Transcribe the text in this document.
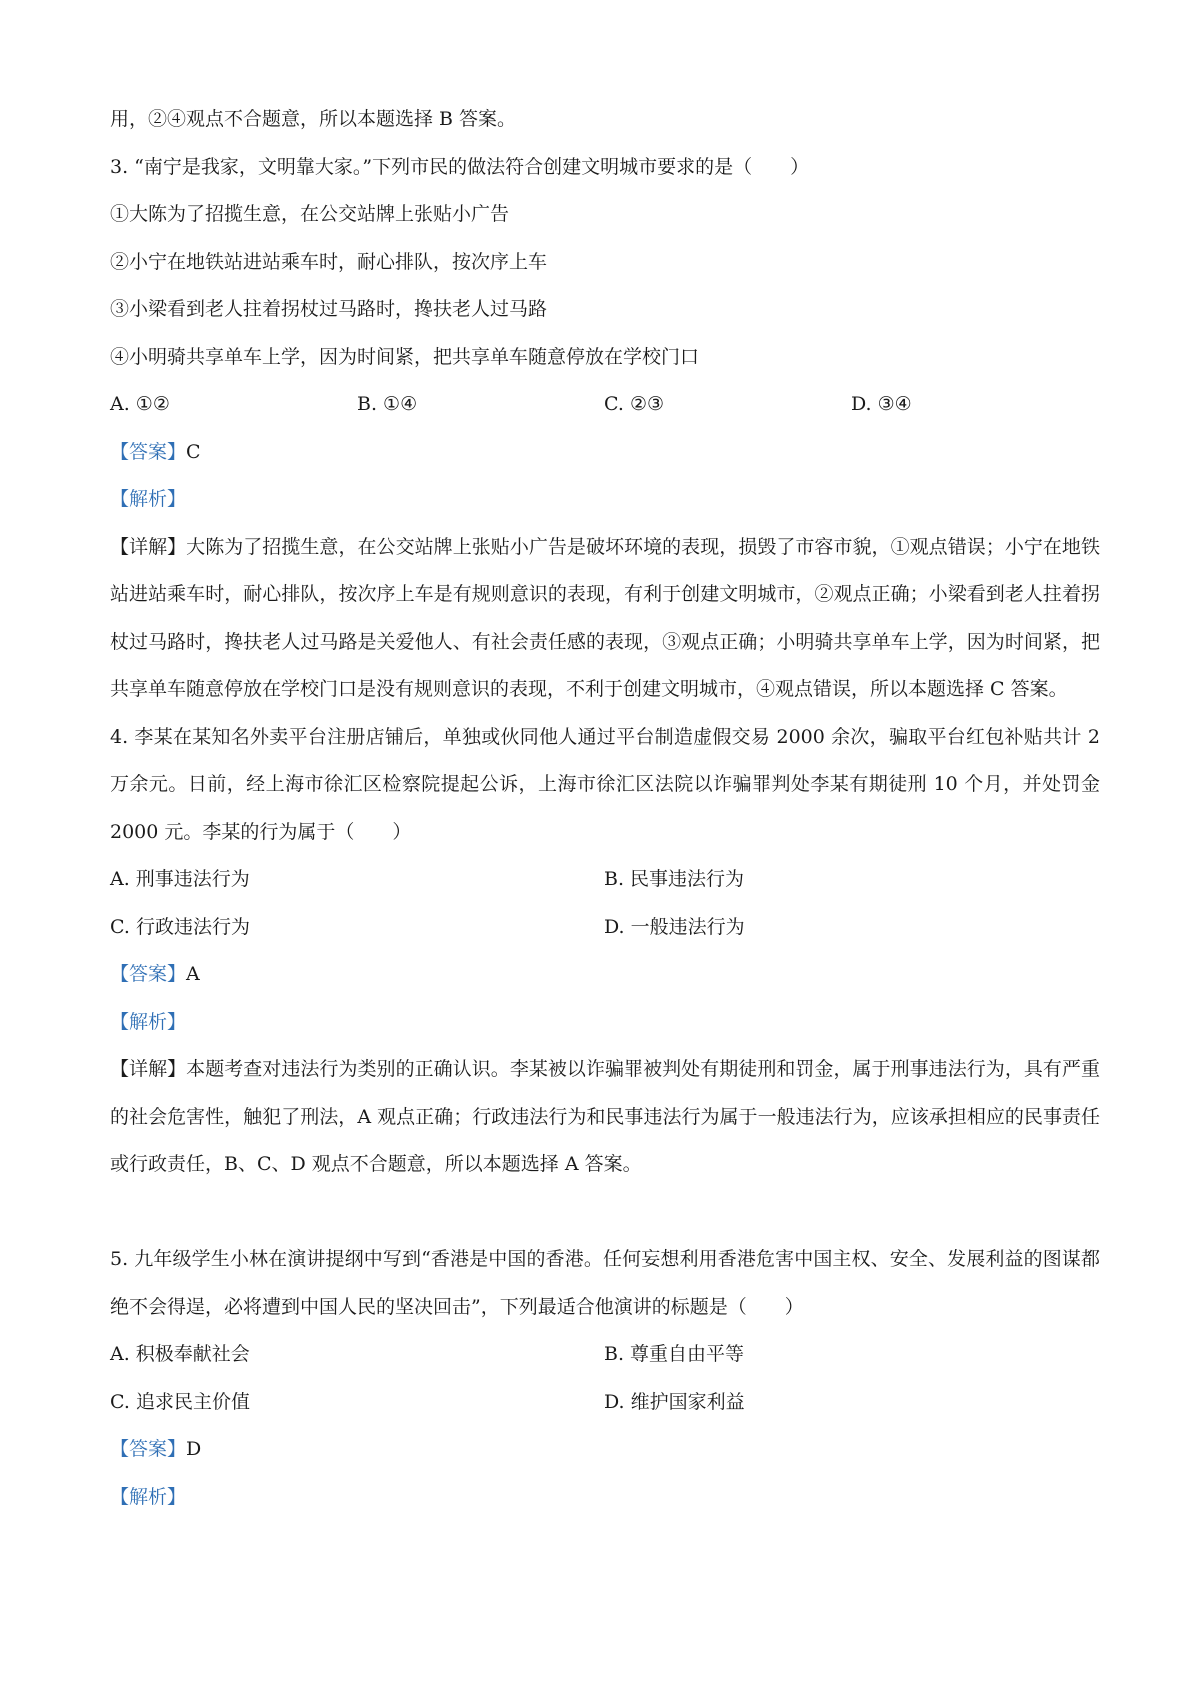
用，②④观点不合题意，所以本题选择 B 答案。
3. “南宁是我家，文明靠大家。”下列市民的做法符合创建文明城市要求的是（　　）
①大陈为了招揽生意，在公交站牌上张贴小广告
②小宁在地铁站进站乘车时，耐心排队，按次序上车
③小梁看到老人拄着拐杖过马路时，搀扶老人过马路
④小明骑共享单车上学，因为时间紧，把共享单车随意停放在学校门口
A. ①②	B. ①④	C. ②③	D. ③④
【答案】C
【解析】
【详解】大陈为了招揽生意，在公交站牌上张贴小广告是破坏环境的表现，损毁了市容市貌，①观点错误；小宁在地铁站进站乘车时，耐心排队，按次序上车是有规则意识的表现，有利于创建文明城市，②观点正确；小梁看到老人拄着拐杖过马路时，搀扶老人过马路是关爱他人、有社会责任感的表现，③观点正确；小明骑共享单车上学，因为时间紧，把共享单车随意停放在学校门口是没有规则意识的表现，不利于创建文明城市，④观点错误，所以本题选择 C 答案。
4. 李某在某知名外卖平台注册店铺后，单独或伙同他人通过平台制造虚假交易 2000 余次，骗取平台红包补贴共计 2 万余元。日前，经上海市徐汇区检察院提起公诉，上海市徐汇区法院以诈骗罪判处李某有期徒刑 10 个月，并处罚金 2000 元。李某的行为属于（　　）
A. 刑事违法行为	B. 民事违法行为
C. 行政违法行为	D. 一般违法行为
【答案】A
【解析】
【详解】本题考查对违法行为类别的正确认识。李某被以诈骗罪被判处有期徒刑和罚金，属于刑事违法行为，具有严重的社会危害性，触犯了刑法，A 观点正确；行政违法行为和民事违法行为属于一般违法行为，应该承担相应的民事责任或行政责任，B、C、D 观点不合题意，所以本题选择 A 答案。
5. 九年级学生小林在演讲提纲中写到“香港是中国的香港。任何妄想利用香港危害中国主权、安全、发展利益的图谋都绝不会得逞，必将遭到中国人民的坚决回击”，下列最适合他演讲的标题是（　　）
A. 积极奉献社会	B. 尊重自由平等
C. 追求民主价值	D. 维护国家利益
【答案】D
【解析】
